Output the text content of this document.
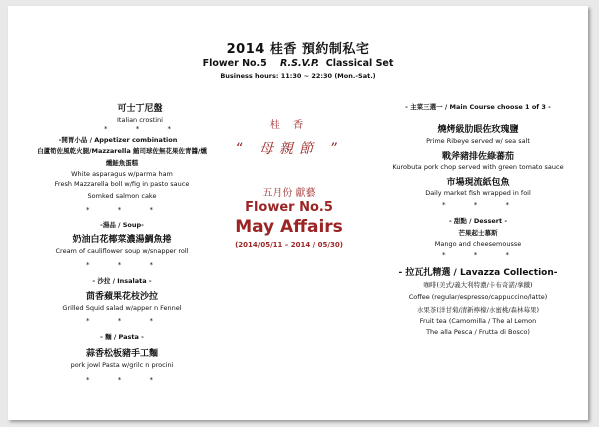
2014 桂香 預約制私宅
Flower No.5 R.S.V.P. Classical Set
Business hours: 11:30 ~ 22:30 (Mon.-Sat.)
可士丁尼盤
Italian crostini
* * *
-開胃小品 / Appetizer combination
白蘆筍佐風乾火腿/Mazzarella 鮪司球佐無花果佐青醬/燻
燻鮭魚蛋糕
White asparagus w/parma ham
Fresh Mazzarella boll w/fig in pasto sauce
Somked salmon cake
* * *
-湯品 / Soup-
奶油白花椰菜濃湯鯛魚捲
Cream of cauliflower soup w/snapper roll
* * *
- 沙拉 / Insalata -
茴香蘋果花枝沙拉
Grilled Squid salad w/apper n Fennel
* * *
- 麵 / Pasta -
蒜香松板豬手工麵
pork jowl Pasta w/grilc n procini
* * *
桂 香
“ 母親節 ”
五月份 獻藝
Flower No.5
May Affairs
(2014/05/11 – 2014 / 05/30)
- 主菜三選一 / Main Course choose 1 of 3 -
燒烤級肋眼佐玫瑰鹽
Prime Ribeye served w/ sea salt
戰斧豬排佐綠蕃茄
Kurobuta pork chop served with green tomato sauce
市場現流紙包魚
Daily market fish wrapped in foil
* * *
- 甜點 / Dessert -
芒果起士慕斯
Mango and cheesemousse
* * *
- 拉瓦扎精選 / Lavazza Collection-
咖啡(美式/義大利特濃/卡布奇諾/拿鐵)
Coffee (regular/espresso/cappuccino/latte)
水果茶(洋甘菊/清新檸檬/水蜜桃/森林莓果)
Fruit tea (Camomilla / The al Lemon
The alla Pesca / Frutta di Bosco)
